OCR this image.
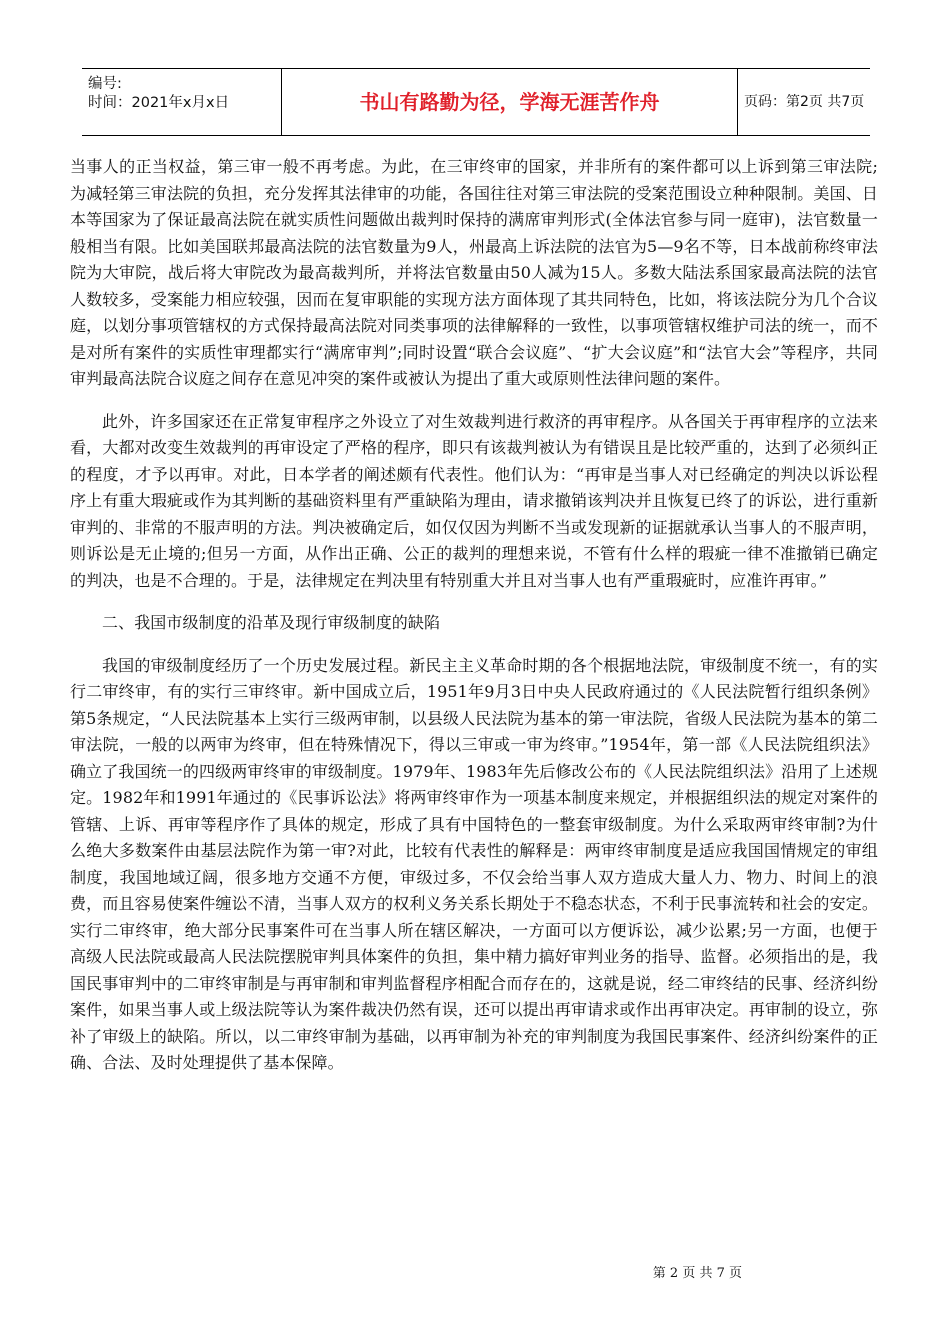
编号:
时间：2021年x月x日	书山有路勤为径，学海无涯苦作舟	页码：第2页 共7页

当事人的正当权益，第三审一般不再考虑。为此，在三审终审的国家，并非所有的案件都可以上诉到第三审法院;为减轻第三审法院的负担，充分发挥其法律审的功能，各国往往对第三审法院的受案范围设立种种限制。美国、日本等国家为了保证最高法院在就实质性问题做出裁判时保持的满席审判形式(全体法官参与同一庭审)，法官数量一般相当有限。比如美国联邦最高法院的法官数量为9人，州最高上诉法院的法官为5—9名不等，日本战前称终审法院为大审院，战后将大审院改为最高裁判所，并将法官数量由50人减为15人。多数大陆法系国家最高法院的法官人数较多，受案能力相应较强，因而在复审职能的实现方法方面体现了其共同特色，比如，将该法院分为几个合议庭，以划分事项管辖权的方式保持最高法院对同类事项的法律解释的一致性，以事项管辖权维护司法的统一，而不是对所有案件的实质性审理都实行“满席审判”;同时设置“联合会议庭”、“扩大会议庭”和“法官大会”等程序，共同审判最高法院合议庭之间存在意见冲突的案件或被认为提出了重大或原则性法律问题的案件。

此外，许多国家还在正常复审程序之外设立了对生效裁判进行救济的再审程序。从各国关于再审程序的立法来看，大都对改变生效裁判的再审设定了严格的程序，即只有该裁判被认为有错误且是比较严重的，达到了必须纠正的程度，才予以再审。对此，日本学者的阐述颇有代表性。他们认为：“再审是当事人对已经确定的判决以诉讼程序上有重大瑕疵或作为其判断的基础资料里有严重缺陷为理由，请求撤销该判决并且恢复已终了的诉讼，进行重新审判的、非常的不服声明的方法。判决被确定后，如仅仅因为判断不当或发现新的证据就承认当事人的不服声明，则诉讼是无止境的;但另一方面，从作出正确、公正的裁判的理想来说，不管有什么样的瑕疵一律不准撤销已确定的判决，也是不合理的。于是，法律规定在判决里有特别重大并且对当事人也有严重瑕疵时，应准许再审。”

二、我国市级制度的沿革及现行审级制度的缺陷

我国的审级制度经历了一个历史发展过程。新民主主义革命时期的各个根据地法院，审级制度不统一，有的实行二审终审，有的实行三审终审。新中国成立后，1951年9月3日中央人民政府通过的《人民法院暂行组织条例》第5条规定，“人民法院基本上实行三级两审制，以县级人民法院为基本的第一审法院，省级人民法院为基本的第二审法院，一般的以两审为终审，但在特殊情况下，得以三审或一审为终审。”1954年，第一部《人民法院组织法》确立了我国统一的四级两审终审的审级制度。1979年、1983年先后修改公布的《人民法院组织法》沿用了上述规定。1982年和1991年通过的《民事诉讼法》将两审终审作为一项基本制度来规定，并根据组织法的规定对案件的管辖、上诉、再审等程序作了具体的规定，形成了具有中国特色的一整套审级制度。为什么采取两审终审制?为什么绝大多数案件由基层法院作为第一审?对此，比较有代表性的解释是：两审终审制度是适应我国国情规定的审组制度，我国地域辽阔，很多地方交通不方便，审级过多，不仅会给当事人双方造成大量人力、物力、时间上的浪费，而且容易使案件缠讼不清，当事人双方的权利义务关系长期处于不稳态状态，不利于民事流转和社会的安定。实行二审终审，绝大部分民事案件可在当事人所在辖区解决，一方面可以方便诉讼，减少讼累;另一方面，也便于高级人民法院或最高人民法院摆脱审判具体案件的负担，集中精力搞好审判业务的指导、监督。必须指出的是，我国民事审判中的二审终审制是与再审制和审判监督程序相配合而存在的，这就是说，经二审终结的民事、经济纠纷案件，如果当事人或上级法院等认为案件裁决仍然有误，还可以提出再审请求或作出再审决定。再审制的设立，弥补了审级上的缺陷。所以，以二审终审制为基础，以再审制为补充的审判制度为我国民事案件、经济纠纷案件的正确、合法、及时处理提供了基本保障。

第 2 页 共 7 页
